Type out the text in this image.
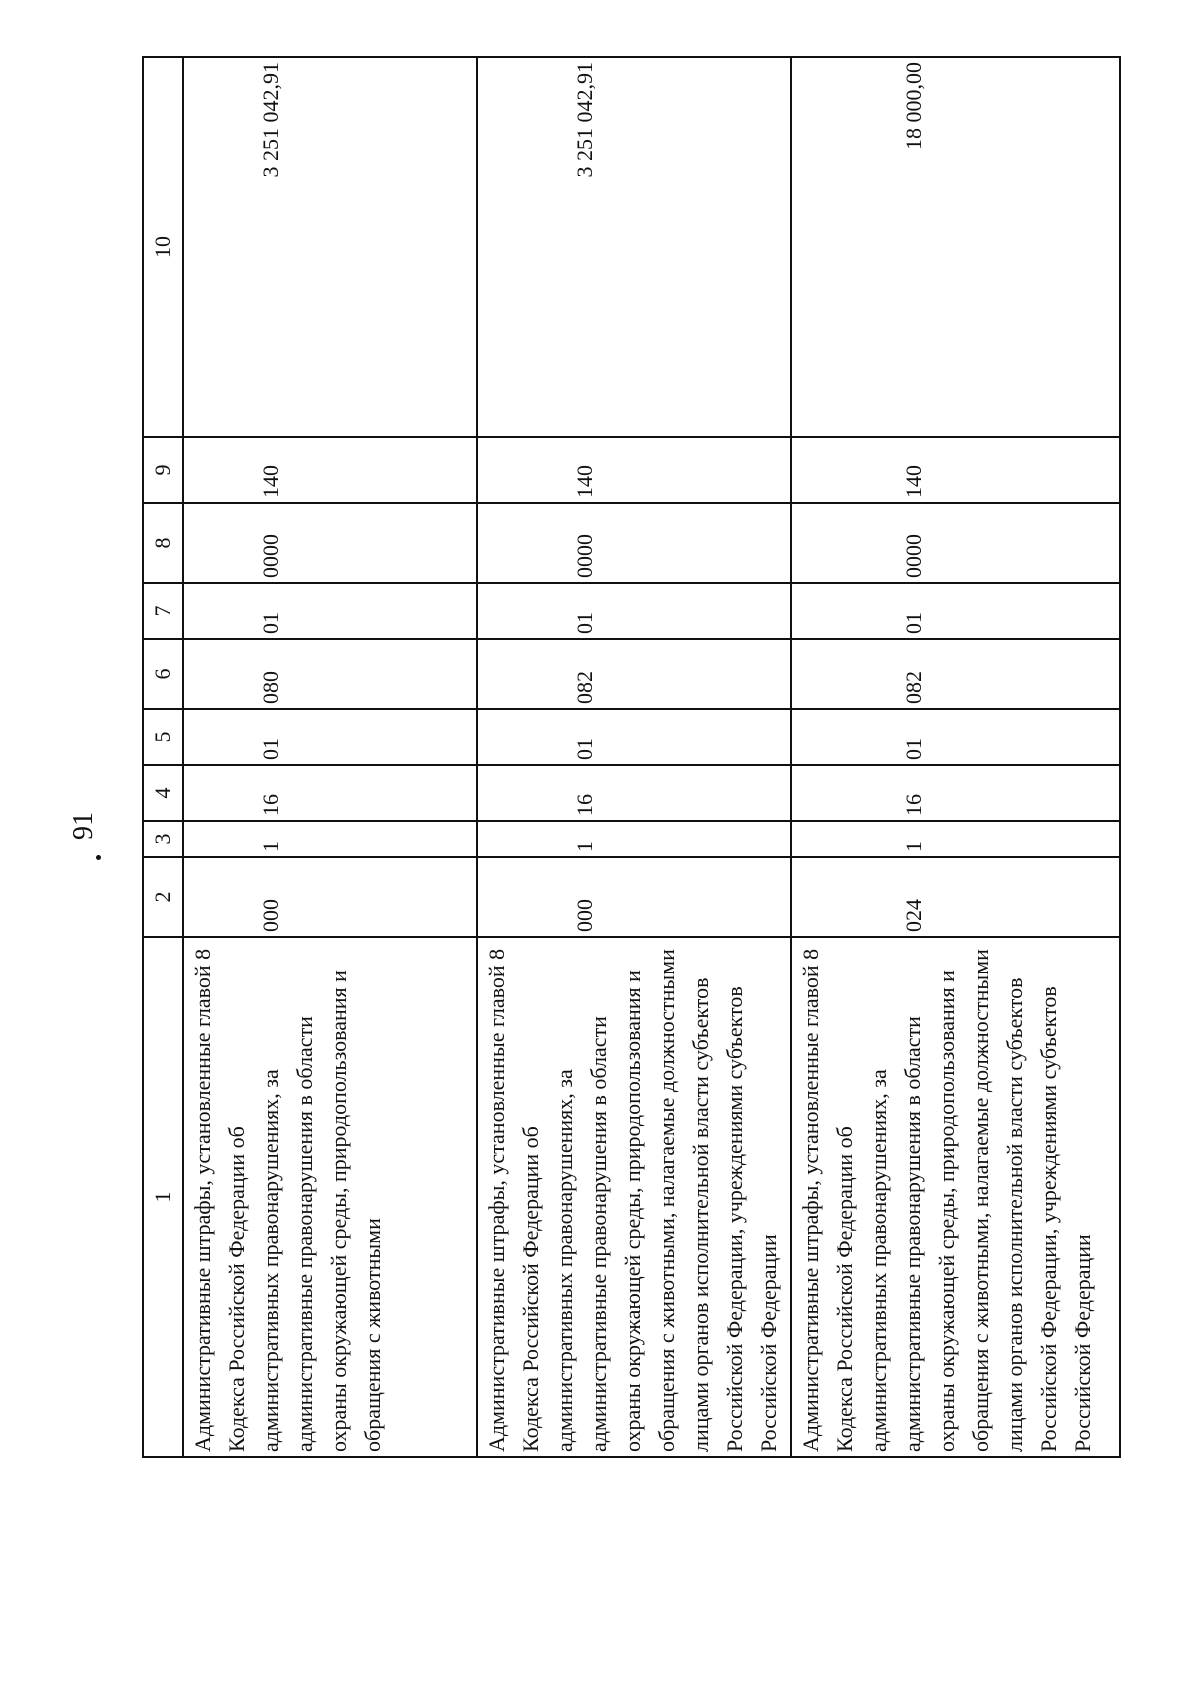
91
1	2	3	4	5	6	7	8	9	10
Административные штрафы, установленные главой 8 Кодекса Российской Федерации об административных правонарушениях, за административные правонарушения в области охраны окружающей среды, природопользования и обращения с животными	000	1	16	01	080	01	0000	140	3 251 042,91
Административные штрафы, установленные главой 8 Кодекса Российской Федерации об административных правонарушениях, за административные правонарушения в области охраны окружающей среды, природопользования и обращения с животными, налагаемые должностными лицами органов исполнительной власти субъектов Российской Федерации, учреждениями субъектов Российской Федерации	000	1	16	01	082	01	0000	140	3 251 042,91
Административные штрафы, установленные главой 8 Кодекса Российской Федерации об административных правонарушениях, за административные правонарушения в области охраны окружающей среды, природопользования и обращения с животными, налагаемые должностными лицами органов исполнительной власти субъектов Российской Федерации, учреждениями субъектов Российской Федерации	024	1	16	01	082	01	0000	140	18 000,00
